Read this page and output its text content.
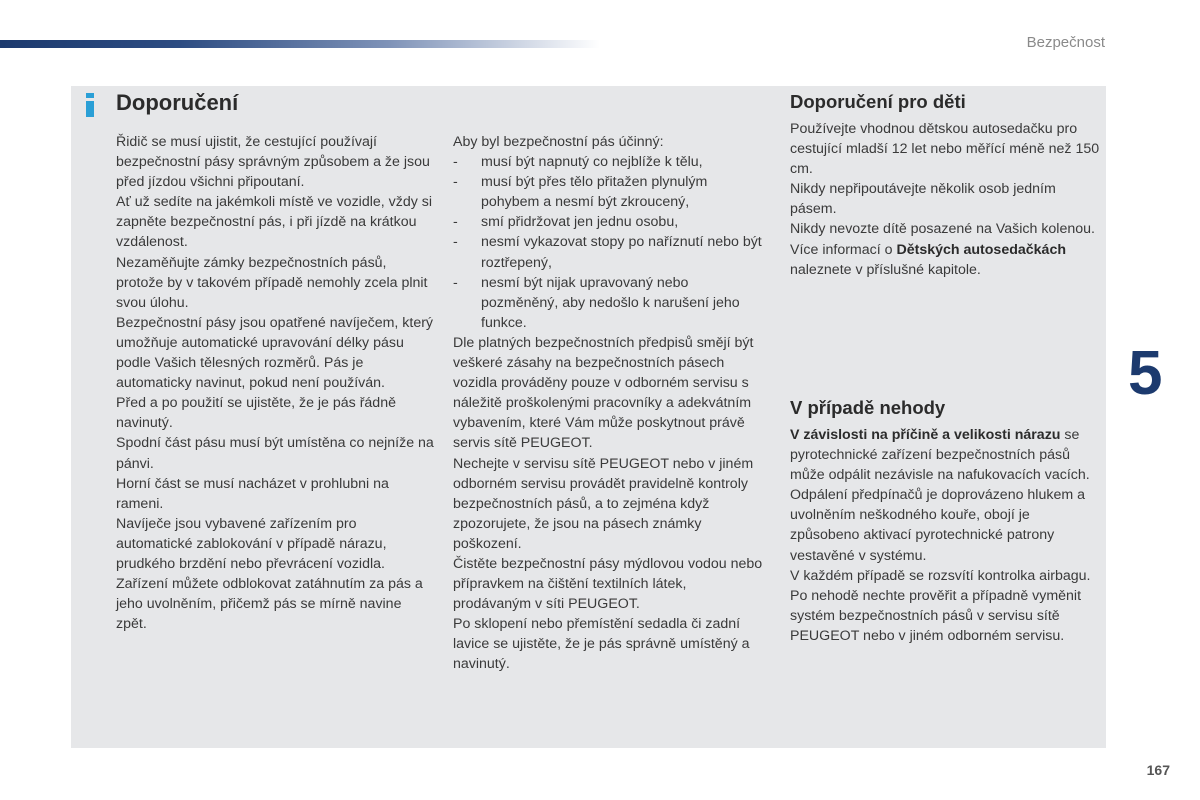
Bezpečnost
Doporučení

Řidič se musí ujistit, že cestující používají bezpečnostní pásy správným způsobem a že jsou před jízdou všichni připoutaní.

Ať už sedíte na jakémkoli místě ve vozidle, vždy si zapněte bezpečnostní pás, i při jízdě na krátkou vzdálenost.

Nezaměňujte zámky bezpečnostních pásů, protože by v takovém případě nemohly zcela plnit svou úlohu.

Bezpečnostní pásy jsou opatřené navíječem, který umožňuje automatické upravování délky pásu podle Vašich tělesných rozměrů. Pás je automaticky navinut, pokud není používán.

Před a po použití se ujistěte, že je pás řádně navinutý.

Spodní část pásu musí být umístěna co nejníže na pánvi.

Horní část se musí nacházet v prohlubni na rameni.

Navíječe jsou vybavené zařízením pro automatické zablokování v případě nárazu, prudkého brzdění nebo převrácení vozidla. Zařízení můžete odblokovat zatáhnutím za pás a jeho uvolněním, přičemž pás se mírně navine zpět.

Aby byl bezpečnostní pás účinný:

- musí být napnutý co nejblíže k tělu,
- musí být přes tělo přitažen plynulým pohybem a nesmí být zkroucený,
- smí přidržovat jen jednu osobu,
- nesmí vykazovat stopy po naříznutí nebo být roztřepený,
- nesmí být nijak upravovaný nebo pozměněný, aby nedošlo k narušení jeho funkce.

Dle platných bezpečnostních předpisů smějí být veškeré zásahy na bezpečnostních pásech vozidla prováděny pouze v odborném servisu s náležitě proškolenými pracovníky a adekvátním vybavením, které Vám může poskytnout právě servis sítě PEUGEOT.

Nechejte v servisu sítě PEUGEOT nebo v jiném odborném servisu provádět pravidelně kontroly bezpečnostních pásů, a to zejména když zpozorujete, že jsou na pásech známky poškození.

Čistěte bezpečnostní pásy mýdlovou vodou nebo přípravkem na čištění textilních látek, prodávaným v síti PEUGEOT.

Po sklopení nebo přemístění sedadla či zadní lavice se ujistěte, že je pás správně umístěný a navinutý.

Doporučení pro děti

Používejte vhodnou dětskou autosedačku pro cestující mladší 12 let nebo měřící méně než 150 cm.

Nikdy nepřipoutávejte několik osob jedním pásem.

Nikdy nevozte dítě posazené na Vašich kolenou.

Více informací o Dětských autosedačkách naleznete v příslušné kapitole.

V případě nehody

V závislosti na příčině a velikosti nárazu se pyrotechnické zařízení bezpečnostních pásů může odpálit nezávisle na nafukovacích vacích. Odpálení předpínačů je doprovázeno hlukem a uvolněním neškodného kouře, obojí je způsobeno aktivací pyrotechnické patrony vestavěné v systému.

V každém případě se rozsvítí kontrolka airbagu.

Po nehodě nechte prověřit a případně vyměnit systém bezpečnostních pásů v servisu sítě PEUGEOT nebo v jiném odborném servisu.

5
167
